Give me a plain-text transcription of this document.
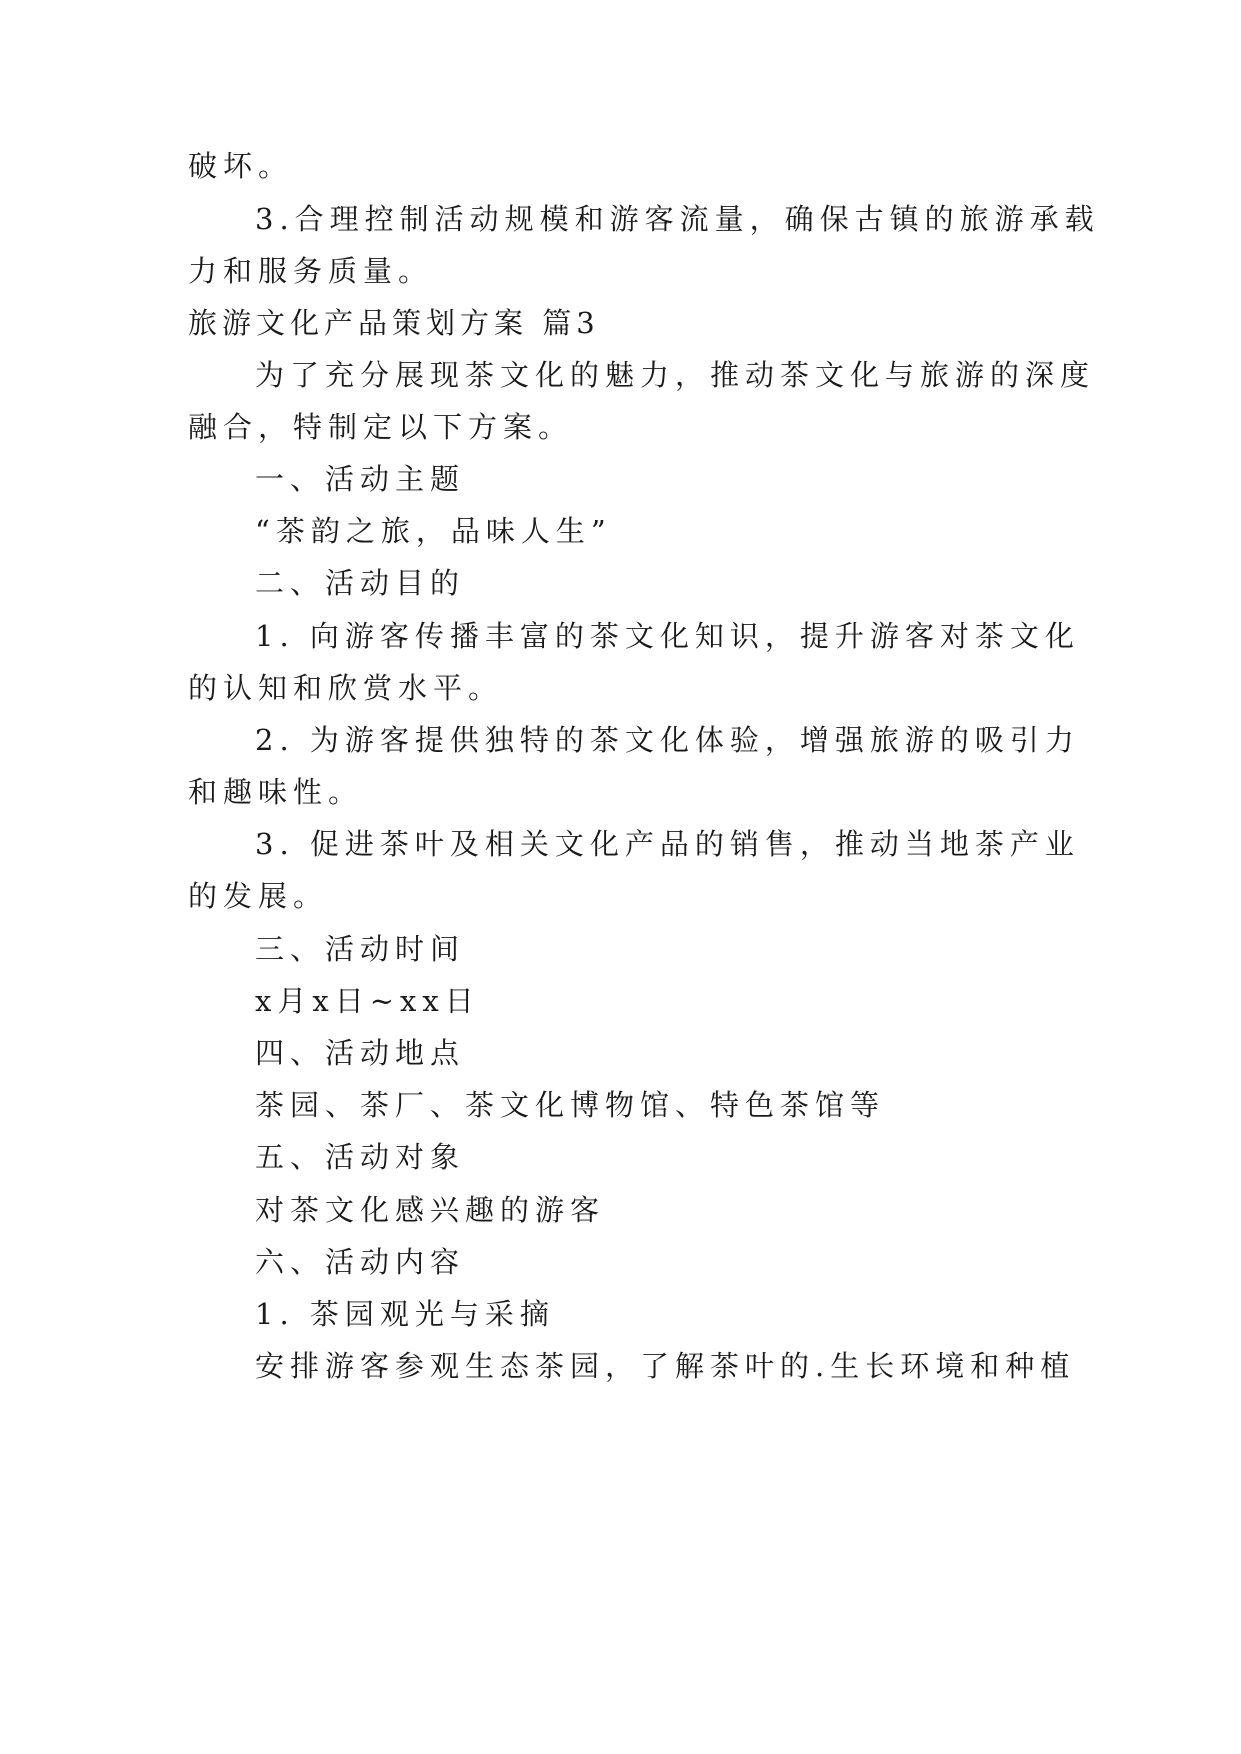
破坏。
3.合理控制活动规模和游客流量，确保古镇的旅游承载
力和服务质量。
旅游文化产品策划方案 篇3
为了充分展现茶文化的魅力，推动茶文化与旅游的深度
融合，特制定以下方案。
一、活动主题
“茶韵之旅，品味人生”
二、活动目的
1. 向游客传播丰富的茶文化知识，提升游客对茶文化
的认知和欣赏水平。
2. 为游客提供独特的茶文化体验，增强旅游的吸引力
和趣味性。
3. 促进茶叶及相关文化产品的销售，推动当地茶产业
的发展。
三、活动时间
x月x日~xx日
四、活动地点
茶园、茶厂、茶文化博物馆、特色茶馆等
五、活动对象
对茶文化感兴趣的游客
六、活动内容
1. 茶园观光与采摘
安排游客参观生态茶园，了解茶叶的.生长环境和种植
